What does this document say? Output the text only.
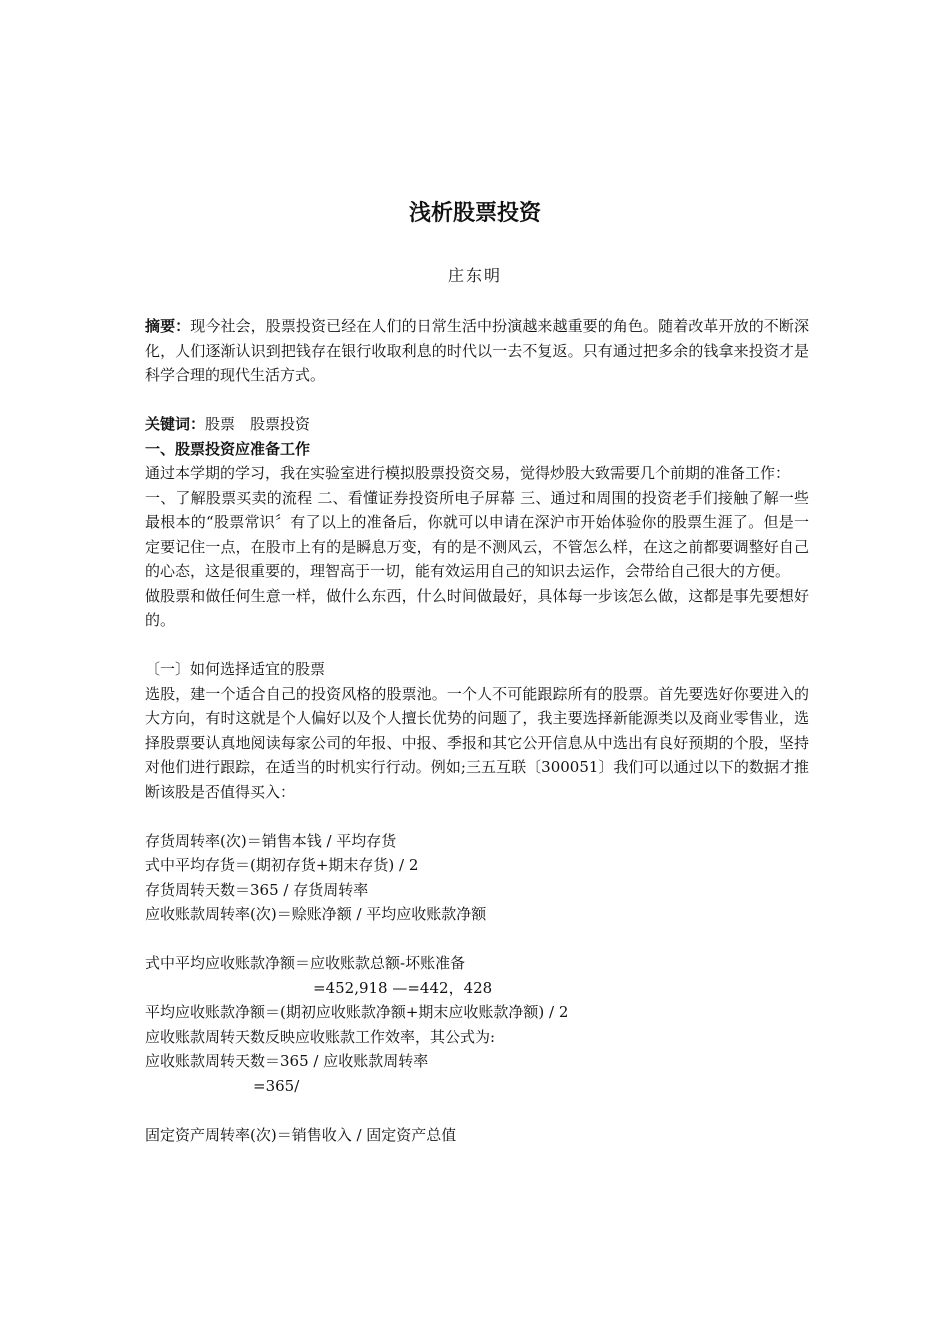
浅析股票投资
庄东明

摘要：现今社会，股票投资已经在人们的日常生活中扮演越来越重要的角色。随着改革开放的不断深化，人们逐渐认识到把钱存在银行收取利息的时代以一去不复返。只有通过把多余的钱拿来投资才是科学合理的现代生活方式。

关键词：股票　股票投资

一、股票投资应准备工作

通过本学期的学习，我在实验室进行模拟股票投资交易，觉得炒股大致需要几个前期的准备工作：

一、了解股票买卖的流程 二、看懂证券投资所电子屏幕 三、通过和周围的投资老手们接触了解一些最根本的“股票常识〞有了以上的准备后，你就可以申请在深沪市开始体验你的股票生涯了。但是一定要记住一点，在股市上有的是瞬息万变，有的是不测风云，不管怎么样，在这之前都要调整好自己的心态，这是很重要的，理智高于一切，能有效运用自己的知识去运作，会带给自己很大的方便。

做股票和做任何生意一样，做什么东西，什么时间做最好，具体每一步该怎么做，这都是事先要想好的。

〔一〕如何选择适宜的股票

选股，建一个适合自己的投资风格的股票池。一个人不可能跟踪所有的股票。首先要选好你要进入的大方向，有时这就是个人偏好以及个人擅长优势的问题了，我主要选择新能源类以及商业零售业，选择股票要认真地阅读每家公司的年报、中报、季报和其它公开信息从中选出有良好预期的个股，坚持对他们进行跟踪，在适当的时机实行行动。例如;三五互联〔300051〕我们可以通过以下的数据才推断该股是否值得买入：

存货周转率(次)＝销售本钱 / 平均存货

式中平均存货＝(期初存货+期末存货) / 2

存货周转天数＝365 / 存货周转率

应收账款周转率(次)＝赊账净额 / 平均应收账款净额

式中平均应收账款净额＝应收账款总额-坏账准备

=452,918 —=442，428

平均应收账款净额＝(期初应收账款净额+期末应收账款净额) / 2

应收账款周转天数反映应收账款工作效率，其公式为:

应收账款周转天数＝365 / 应收账款周转率

=365/

固定资产周转率(次)＝销售收入 / 固定资产总值
